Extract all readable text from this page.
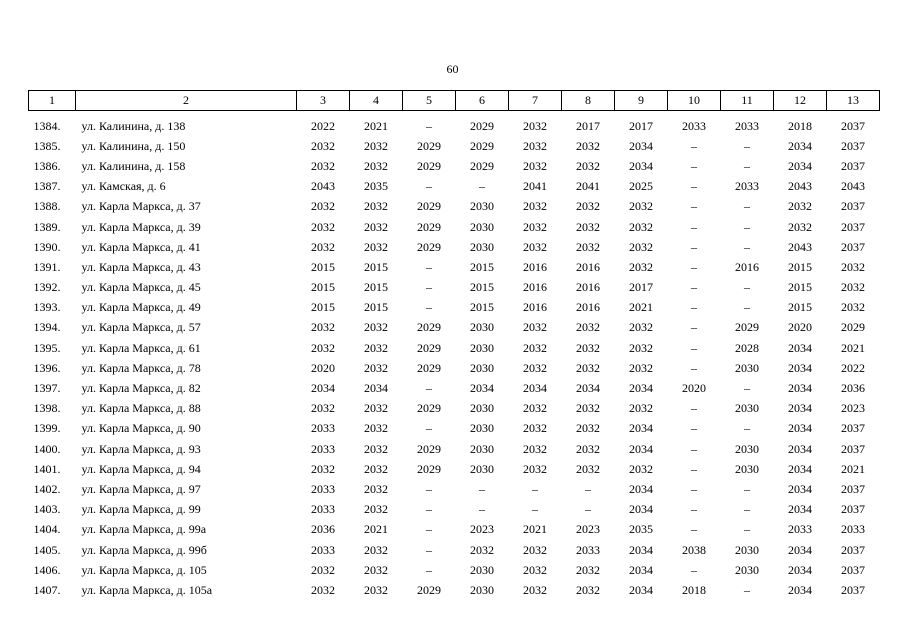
60
1	2	3	4	5	6	7	8	9	10	11	12	13
1384.	ул. Калинина, д. 138	2022	2021	–	2029	2032	2017	2017	2033	2033	2018	2037
1385.	ул. Калинина, д. 150	2032	2032	2029	2029	2032	2032	2034	–	–	2034	2037
1386.	ул. Калинина, д. 158	2032	2032	2029	2029	2032	2032	2034	–	–	2034	2037
1387.	ул. Камская, д. 6	2043	2035	–	–	2041	2041	2025	–	2033	2043	2043
1388.	ул. Карла Маркса, д. 37	2032	2032	2029	2030	2032	2032	2032	–	–	2032	2037
1389.	ул. Карла Маркса, д. 39	2032	2032	2029	2030	2032	2032	2032	–	–	2032	2037
1390.	ул. Карла Маркса, д. 41	2032	2032	2029	2030	2032	2032	2032	–	–	2043	2037
1391.	ул. Карла Маркса, д. 43	2015	2015	–	2015	2016	2016	2032	–	2016	2015	2032
1392.	ул. Карла Маркса, д. 45	2015	2015	–	2015	2016	2016	2017	–	–	2015	2032
1393.	ул. Карла Маркса, д. 49	2015	2015	–	2015	2016	2016	2021	–	–	2015	2032
1394.	ул. Карла Маркса, д. 57	2032	2032	2029	2030	2032	2032	2032	–	2029	2020	2029
1395.	ул. Карла Маркса, д. 61	2032	2032	2029	2030	2032	2032	2032	–	2028	2034	2021
1396.	ул. Карла Маркса, д. 78	2020	2032	2029	2030	2032	2032	2032	–	2030	2034	2022
1397.	ул. Карла Маркса, д. 82	2034	2034	–	2034	2034	2034	2034	2020	–	2034	2036
1398.	ул. Карла Маркса, д. 88	2032	2032	2029	2030	2032	2032	2032	–	2030	2034	2023
1399.	ул. Карла Маркса, д. 90	2033	2032	–	2030	2032	2032	2034	–	–	2034	2037
1400.	ул. Карла Маркса, д. 93	2033	2032	2029	2030	2032	2032	2034	–	2030	2034	2037
1401.	ул. Карла Маркса, д. 94	2032	2032	2029	2030	2032	2032	2032	–	2030	2034	2021
1402.	ул. Карла Маркса, д. 97	2033	2032	–	–	–	–	2034	–	–	2034	2037
1403.	ул. Карла Маркса, д. 99	2033	2032	–	–	–	–	2034	–	–	2034	2037
1404.	ул. Карла Маркса, д. 99а	2036	2021	–	2023	2021	2023	2035	–	–	2033	2033
1405.	ул. Карла Маркса, д. 99б	2033	2032	–	2032	2032	2033	2034	2038	2030	2034	2037
1406.	ул. Карла Маркса, д. 105	2032	2032	–	2030	2032	2032	2034	–	2030	2034	2037
1407.	ул. Карла Маркса, д. 105а	2032	2032	2029	2030	2032	2032	2034	2018	–	2034	2037
